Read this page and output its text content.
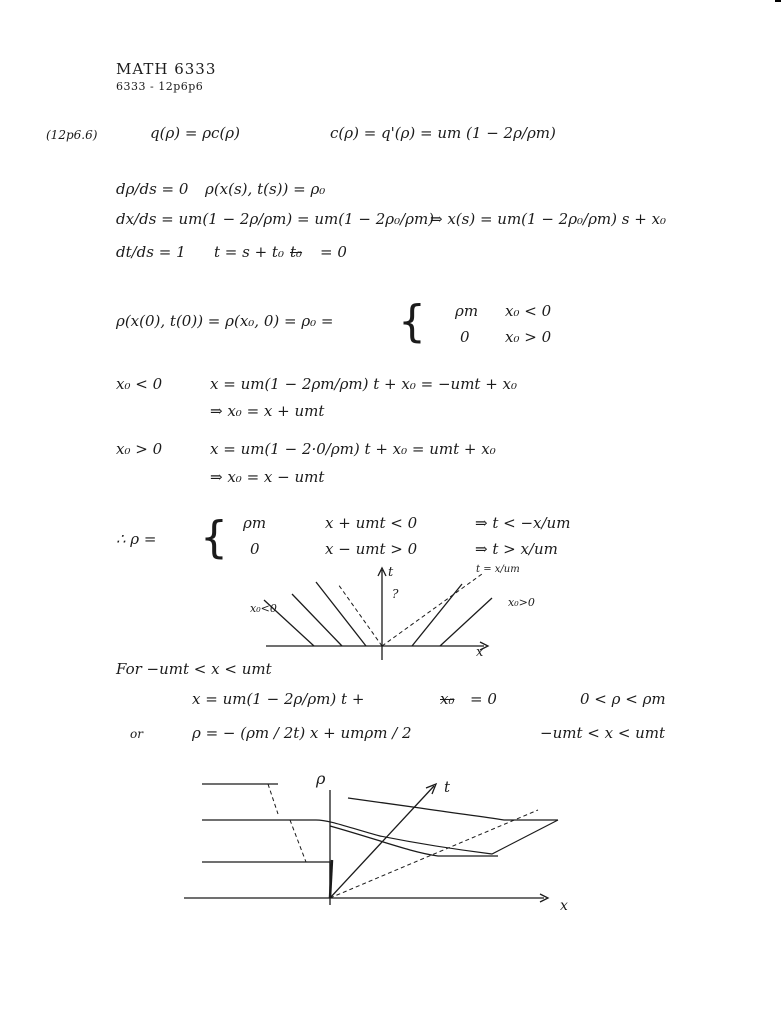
MATH 6333
6333 - 12p6p6
(12p6.6)	q(ρ) = ρc(ρ)	c(ρ) = q'(ρ) = um (1 − 2ρ/ρm)
dρ/ds = 0 ρ(x(s), t(s)) = ρ₀
dx/ds = um(1 − 2ρ/ρm) = um(1 − 2ρ₀/ρm)
⇒ x(s) = um(1 − 2ρ₀/ρm) s + x₀
dt/ds = 1 t = s + t₀ = 0
ρ(x(0), t(0)) = ρ(x₀, 0) = ρ₀ = { ρm x₀ < 0
0 x₀ > 0
x₀ < 0	x = um(1 − 2ρm/ρm) t + x₀ = −umt + x₀
⇒ x₀ = x + umt
x₀ > 0	x = um(1 − 2·0/ρm) t + x₀ = umt + x₀
⇒ x₀ = x − umt
∴ ρ = { ρm	x + umt < 0	⇒ t < −x/um
0	x − umt > 0	⇒ t > x/um
t
x
x₀<0	x₀>0
t = x/um
?
For −umt < x < umt
x = um(1 − 2ρ/ρm) t +	= 0	0 < ρ < ρm
or	ρ = − (ρm / 2t) x + umρm / 2	−umt < x < umt
ρ	t
x
t₀
x₀
